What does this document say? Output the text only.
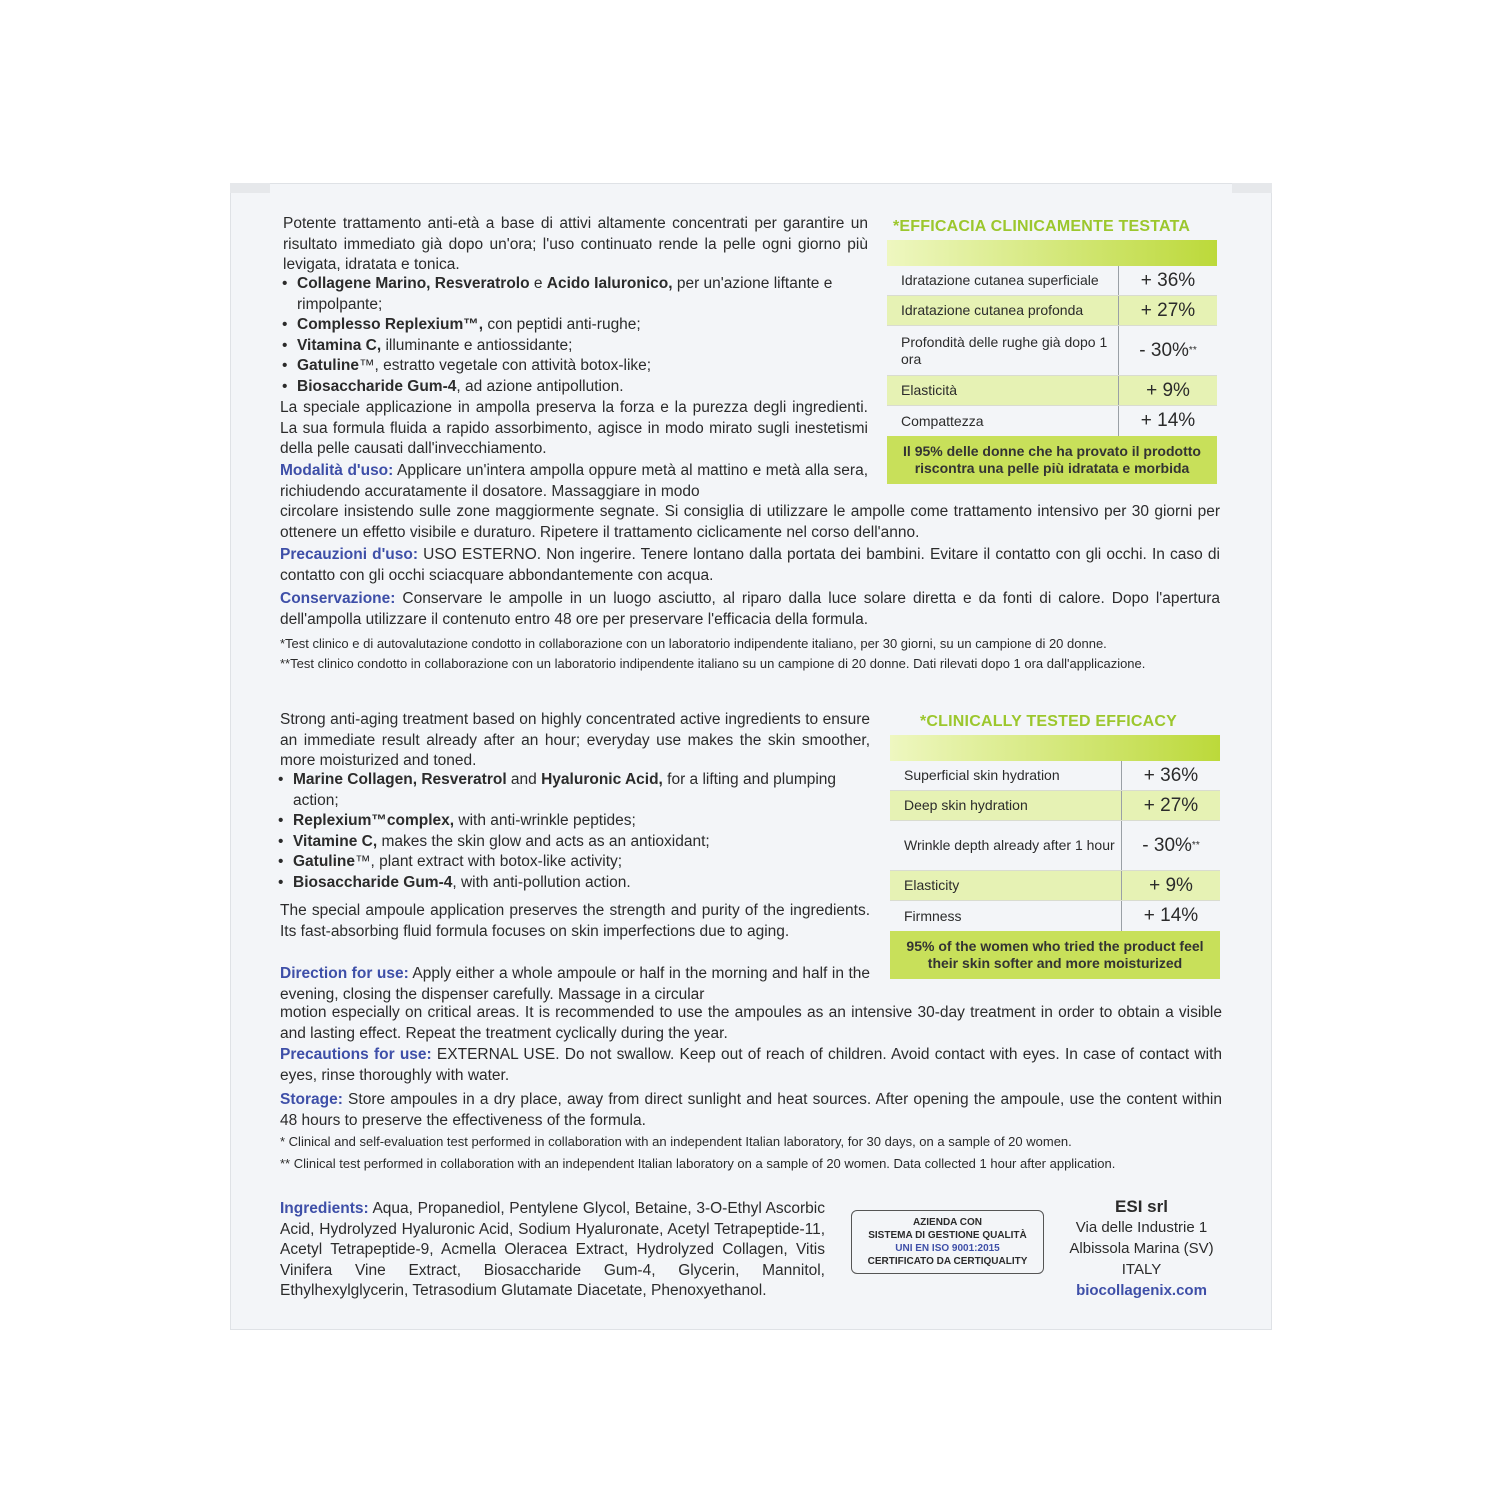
Potente trattamento anti-età a base di attivi altamente concentrati per garantire un risultato immediato già dopo un'ora; l'uso continuato rende la pelle ogni giorno più levigata, idratata e tonica.

• Collagene Marino, Resveratrolo e Acido Ialuronico, per un'azione liftante e rimpolpante;
• Complesso Replexium™, con peptidi anti-rughe;
• Vitamina C, illuminante e antiossidante;
• Gatuline™, estratto vegetale con attività botox-like;
• Biosaccharide Gum-4, ad azione antipollution.

La speciale applicazione in ampolla preserva la forza e la purezza degli ingredienti. La sua formula fluida a rapido assorbimento, agisce in modo mirato sugli inestetismi della pelle causati dall'invecchiamento.

Modalità d'uso: Applicare un'intera ampolla oppure metà al mattino e metà alla sera, richiudendo accuratamente il dosatore. Massaggiare in modo

circolare insistendo sulle zone maggiormente segnate. Si consiglia di utilizzare le ampolle come trattamento intensivo per 30 giorni per ottenere un effetto visibile e duraturo. Ripetere il trattamento ciclicamente nel corso dell'anno.

Precauzioni d'uso: USO ESTERNO. Non ingerire. Tenere lontano dalla portata dei bambini. Evitare il contatto con gli occhi. In caso di contatto con gli occhi sciacquare abbondantemente con acqua.

Conservazione: Conservare le ampolle in un luogo asciutto, al riparo dalla luce solare diretta e da fonti di calore. Dopo l'apertura dell'ampolla utilizzare il contenuto entro 48 ore per preservare l'efficacia della formula.

*Test clinico e di autovalutazione condotto in collaborazione con un laboratorio indipendente italiano, per 30 giorni, su un campione di 20 donne.

**Test clinico condotto in collaborazione con un laboratorio indipendente italiano su un campione di 20 donne. Dati rilevati dopo 1 ora dall'applicazione.

*EFFICACIA CLINICAMENTE TESTATA
Idratazione cutanea superficiale	+ 36%
Idratazione cutanea profonda	+ 27%
Profondità delle rughe già dopo 1 ora	- 30% **
Elasticità	+ 9%
Compattezza	+ 14%
Il 95% delle donne che ha provato il prodotto riscontra una pelle più idratata e morbida

Strong anti-aging treatment based on highly concentrated active ingredients to ensure an immediate result already after an hour; everyday use makes the skin smoother, more moisturized and toned.

• Marine Collagen, Resveratrol and Hyaluronic Acid, for a lifting and plumping action;
• Replexium™complex, with anti-wrinkle peptides;
• Vitamine C, makes the skin glow and acts as an antioxidant;
• Gatuline™, plant extract with botox-like activity;
• Biosaccharide Gum-4, with anti-pollution action.

The special ampoule application preserves the strength and purity of the ingredients. Its fast-absorbing fluid formula focuses on skin imperfections due to aging.

Direction for use: Apply either a whole ampoule or half in the morning and half in the evening, closing the dispenser carefully. Massage in a circular

motion especially on critical areas. It is recommended to use the ampoules as an intensive 30-day treatment in order to obtain a visible and lasting effect. Repeat the treatment cyclically during the year.

Precautions for use: EXTERNAL USE. Do not swallow. Keep out of reach of children. Avoid contact with eyes. In case of contact with eyes, rinse thoroughly with water.

Storage: Store ampoules in a dry place, away from direct sunlight and heat sources. After opening the ampoule, use the content within 48 hours to preserve the effectiveness of the formula.

* Clinical and self-evaluation test performed in collaboration with an independent Italian laboratory, for 30 days, on a sample of 20 women.

** Clinical test performed in collaboration with an independent Italian laboratory on a sample of 20 women. Data collected 1 hour after application.

*CLINICALLY TESTED EFFICACY
Superficial skin hydration	+ 36%
Deep skin hydration	+ 27%
Wrinkle depth already after 1 hour	- 30% **
Elasticity	+ 9%
Firmness	+ 14%
95% of the women who tried the product feel their skin softer and more moisturized

Ingredients: Aqua, Propanediol, Pentylene Glycol, Betaine, 3-O-Ethyl Ascorbic Acid, Hydrolyzed Hyaluronic Acid, Sodium Hyaluronate, Acetyl Tetrapeptide-11, Acetyl Tetrapeptide-9, Acmella Oleracea Extract, Hydrolyzed Collagen, Vitis Vinifera Vine Extract, Biosaccharide Gum-4, Glycerin, Mannitol, Ethylhexylglycerin, Tetrasodium Glutamate Diacetate, Phenoxyethanol.

AZIENDA CON
SISTEMA DI GESTIONE QUALITÀ
UNI EN ISO 9001:2015
CERTIFICATO DA CERTIQUALITY
ESI srl
Via delle Industrie 1
Albissola Marina (SV) ITALY
biocollagenix.com
